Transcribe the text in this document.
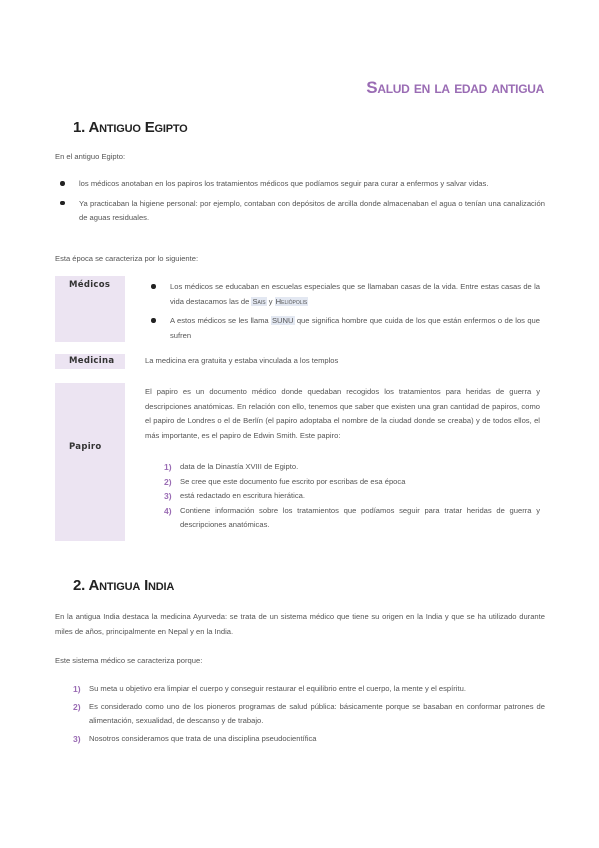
Salud en la edad antigua
1. Antiguo Egipto
En el antiguo Egipto:
los médicos anotaban en los papiros los tratamientos médicos que podíamos seguir para curar a enfermos y salvar vidas.
Ya practicaban la higiene personal: por ejemplo, contaban con depósitos de arcilla donde almacenaban el agua o tenían una canalización de aguas residuales.
Esta época se caracteriza por lo siguiente:
Médicos	Los médicos se educaban en escuelas especiales que se llamaban casas de la vida. Entre estas casas de la vida destacamos las de Sais y Heliópolis
A estos médicos se les llama SUNU que significa hombre que cuida de los que están enfermos o de los que sufren
Medicina	La medicina era gratuita y estaba vinculada a los templos
Papiro
El papiro es un documento médico donde quedaban recogidos los tratamientos para heridas de guerra y descripciones anatómicas. En relación con ello, tenemos que saber que existen una gran cantidad de papiros, como el papiro de Londres o el de Berlín (el papiro adoptaba el nombre de la ciudad donde se creaba) y de todos ellos, el más importante, es el papiro de Edwin Smith. Este papiro:
1) data de la Dinastía XVIII de Egipto.
2) Se cree que este documento fue escrito por escribas de esa época
3) está redactado en escritura hierática.
4) Contiene información sobre los tratamientos que podíamos seguir para tratar heridas de guerra y descripciones anatómicas.
2. Antigua India
En la antigua India destaca la medicina Ayurveda: se trata de un sistema médico que tiene su origen en la India y que se ha utilizado durante miles de años, principalmente en Nepal y en la India.
Este sistema médico se caracteriza porque:
1) Su meta u objetivo era limpiar el cuerpo y conseguir restaurar el equilibrio entre el cuerpo, la mente y el espíritu.
2) Es considerado como uno de los pioneros programas de salud pública: básicamente porque se basaban en conformar patrones de alimentación, sexualidad, de descanso y de trabajo.
3) Nosotros consideramos que trata de una disciplina pseudocientífica
